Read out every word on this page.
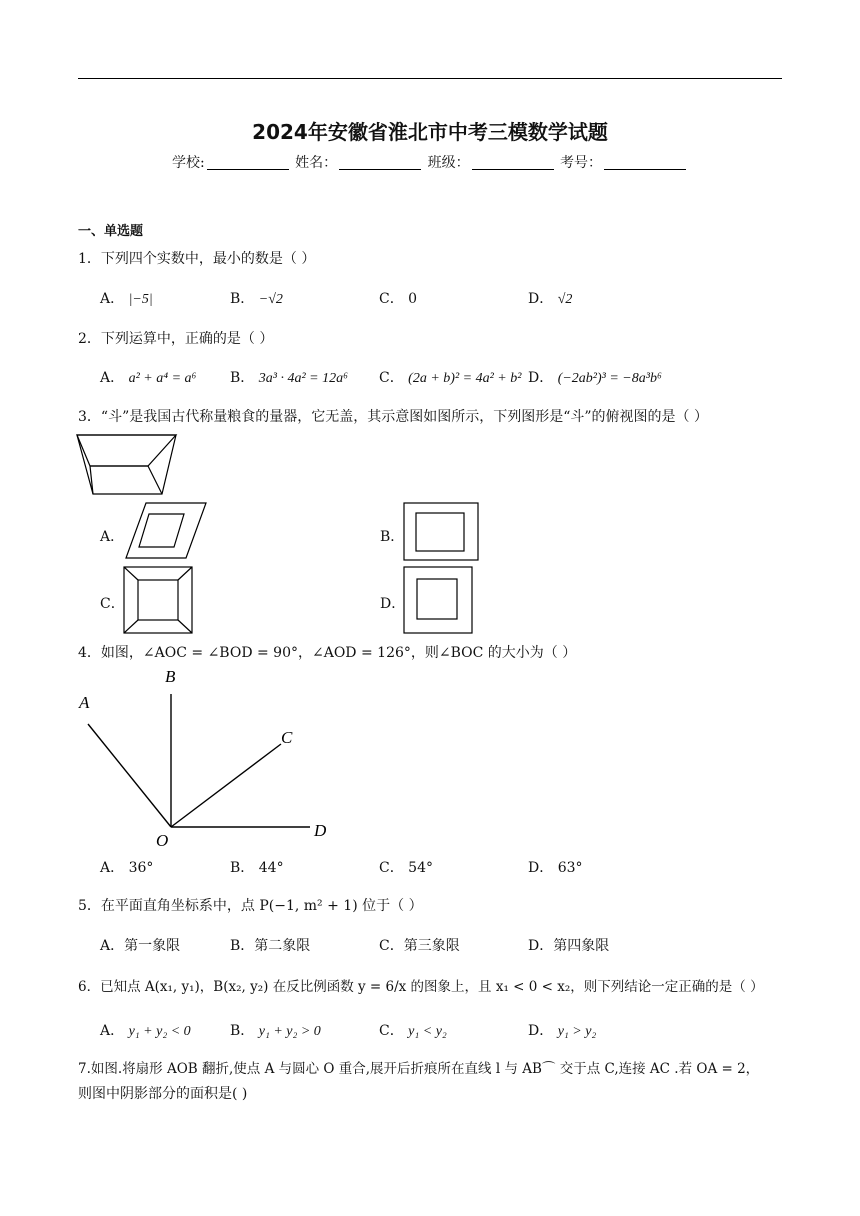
2024年安徽省淮北市中考三模数学试题
学校:	姓名：	班级：	考号：
一、单选题
1．下列四个实数中，最小的数是（ ）
A． |−5|	B． −√2	C． 0	D． √2
2．下列运算中，正确的是（ ）
A． a² + a⁴ = a⁶ B． 3a³ · 4a² = 12a⁶ C． (2a + b)² = 4a² + b² D． (−2ab²)³ = −8a³b⁶
3．“斗”是我国古代称量粮食的量器，它无盖，其示意图如图所示，下列图形是“斗”的俯视图的是（ ）
A．	B．
C．	D．
4．如图，∠AOC = ∠BOD = 90°，∠AOD = 126°，则∠BOC 的大小为（ ）
A
B
C
O
D
A． 36°	B． 44°	C． 54°	D． 63°
5．在平面直角坐标系中，点 P(−1, m² + 1) 位于（ ）
A．第一象限	B．第二象限	C．第三象限	D．第四象限
6．已知点 A(x₁, y₁)，B(x₂, y₂) 在反比例函数 y = 6/x 的图象上，且 x₁ < 0 < x₂，则下列结论一定正确的是（ ）
A． y₁ + y₂ < 0	B． y₁ + y₂ > 0	C． y₁ < y₂	D． y₁ > y₂
7.如图.将扇形 AOB 翻折,使点 A 与圆心 O 重合,展开后折痕所在直线 l 与 AB⌒ 交于点 C,连接 AC .若 OA = 2，
则图中阴影部分的面积是( )
